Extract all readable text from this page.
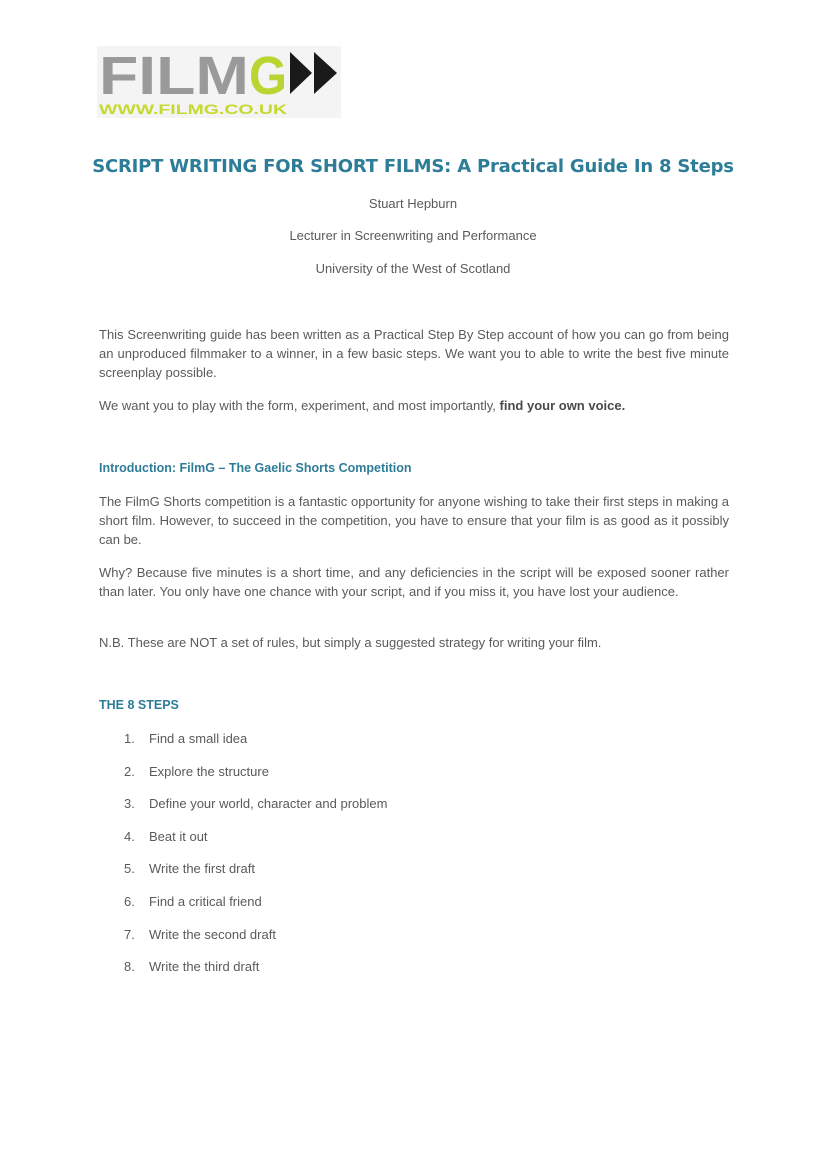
FILM G
WWW.FILMG.CO.UK
SCRIPT WRITING FOR SHORT FILMS: A Practical Guide In 8 Steps
Stuart Hepburn
Lecturer in Screenwriting and Performance
University of the West of Scotland

This Screenwriting guide has been written as a Practical Step By Step account of how you can go from being an unproduced filmmaker to a winner, in a few basic steps. We want you to able to write the best five minute screenplay possible.

We want you to play with the form, experiment, and most importantly, find your own voice.

Introduction: FilmG – The Gaelic Shorts Competition

The FilmG Shorts competition is a fantastic opportunity for anyone wishing to take their first steps in making a short film. However, to succeed in the competition, you have to ensure that your film is as good as it possibly can be.

Why? Because five minutes is a short time, and any deficiencies in the script will be exposed sooner rather than later. You only have one chance with your script, and if you miss it, you have lost your audience.

N.B. These are NOT a set of rules, but simply a suggested strategy for writing your film.

THE 8 STEPS
1.	Find a small idea
2.	Explore the structure
3.	Define your world, character and problem
4.	Beat it out
5.	Write the first draft
6.	Find a critical friend
7.	Write the second draft
8.	Write the third draft
